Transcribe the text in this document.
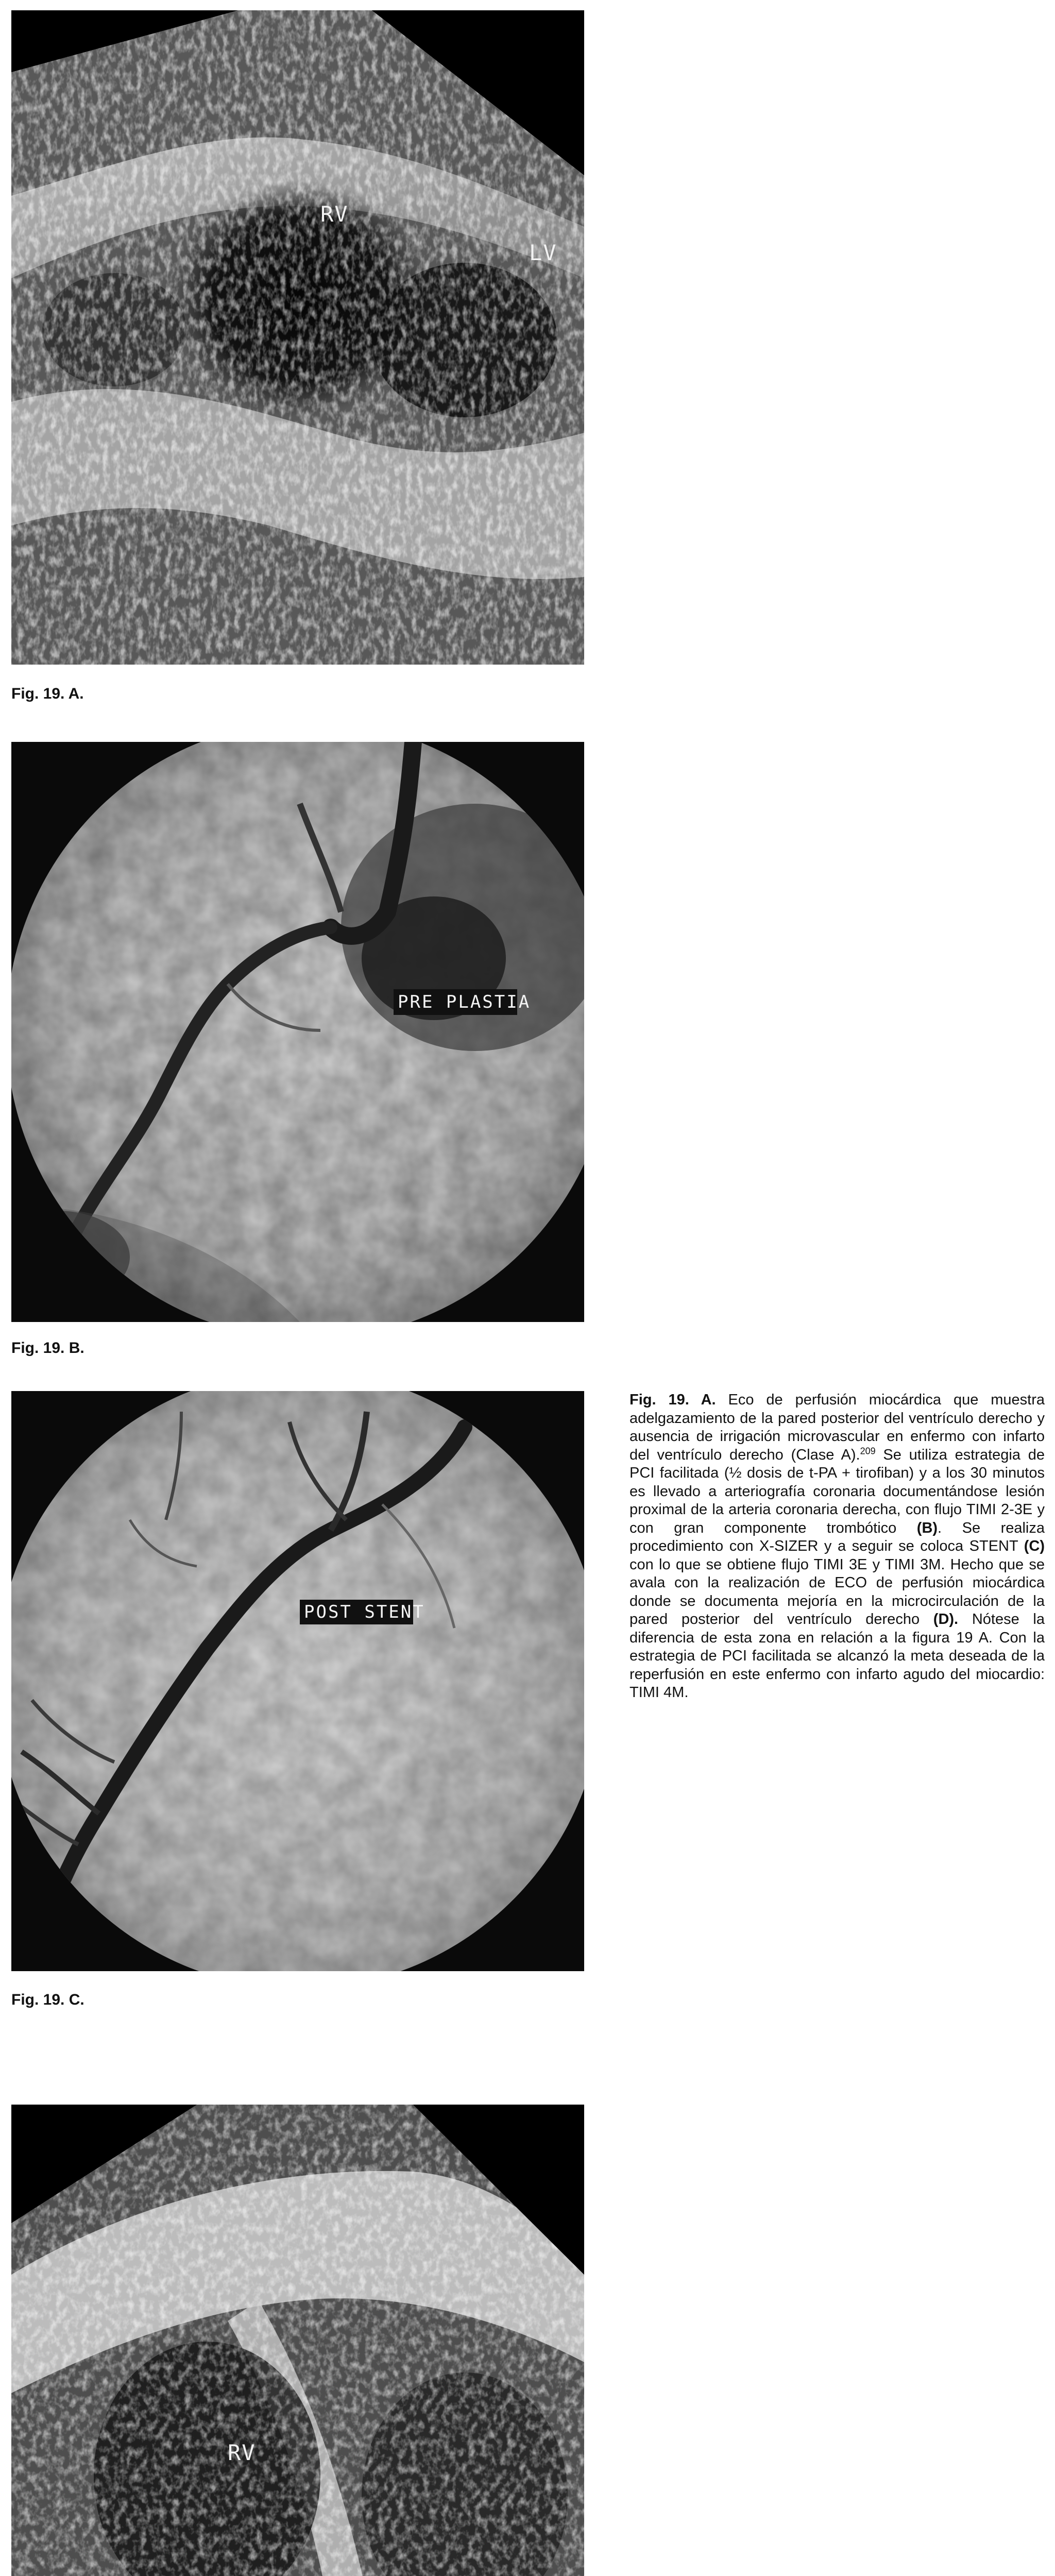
RV
LV
Fig. 19. A.
PRE PLASTIA
Fig. 19. B.
POST STENT
Fig. 19. C.
RV
Fig. 19. A. Eco de perfusión miocárdica que muestra adelgazamiento de la pared posterior del ventrículo derecho y ausencia de irrigación microvascular en enfermo con infarto del ventrículo derecho (Clase A).$^{209}$ Se utiliza estrategia de PCI facilitada (½ dosis de t-PA + tirofiban) y a los 30 minutos es llevado a arteriografía coronaria documentándose lesión proximal de la arteria coronaria derecha, con flujo TIMI 2-3E y con gran componente trombótico (B). Se realiza procedimiento con X-SIZER y a seguir se coloca STENT (C) con lo que se obtiene flujo TIMI 3E y TIMI 3M. Hecho que se avala con la realización de ECO de perfusión miocárdica donde se documenta mejoría en la microcirculación de la pared posterior del ventrículo derecho (D). Nótese la diferencia de esta zona en relación a la figura 19 A. Con la estrategia de PCI facilitada se alcanzó la meta deseada de la reperfusión en este enfermo con infarto agudo del miocardio: TIMI 4M.
